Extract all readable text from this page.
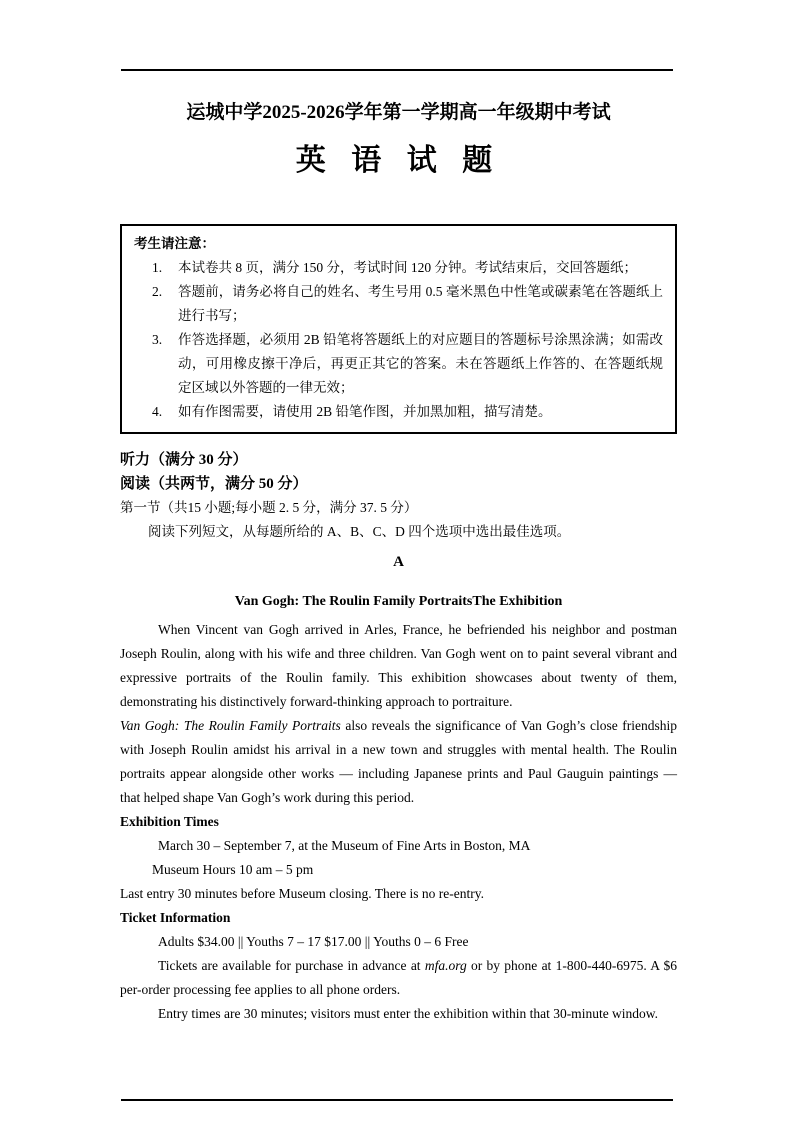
运城中学2025-2026学年第一学期高一年级期中考试
英 语 试 题
考生请注意：
1.	本试卷共 8 页，满分 150 分，考试时间 120 分钟。考试结束后，交回答题纸；
2.	答题前，请务必将自己的姓名、考生号用 0.5 毫米黑色中性笔或碳素笔在答题纸上进行书写；
3.	作答选择题，必须用 2B 铅笔将答题纸上的对应题目的答题标号涂黑涂满；如需改动，可用橡皮擦干净后，再更正其它的答案。未在答题纸上作答的、在答题纸规定区域以外答题的一律无效；
4.	如有作图需要，请使用 2B 铅笔作图，并加黑加粗，描写清楚。

听力（满分 30 分）

阅读（共两节，满分 50 分）

第一节（共15 小题;每小题 2. 5 分，满分 37. 5 分）

阅读下列短文，从每题所给的 A、B、C、D 四个选项中选出最佳选项。

A

Van Gogh: The Roulin Family PortraitsThe Exhibition

When Vincent van Gogh arrived in Arles, France, he befriended his neighbor and postman Joseph Roulin, along with his wife and three children. Van Gogh went on to paint several vibrant and expressive portraits of the Roulin family. This exhibition showcases about twenty of them, demonstrating his distinctively forward-thinking approach to portraiture.

Van Gogh: The Roulin Family Portraits also reveals the significance of Van Gogh’s close friendship with Joseph Roulin amidst his arrival in a new town and struggles with mental health. The Roulin portraits appear alongside other works — including Japanese prints and Paul Gauguin paintings — that helped shape Van Gogh’s work during this period.

Exhibition Times

March 30 – September 7, at the Museum of Fine Arts in Boston, MA

Museum Hours 10 am – 5 pm

Last entry 30 minutes before Museum closing. There is no re-entry.

Ticket Information

Adults $34.00 || Youths 7 – 17 $17.00 || Youths 0 – 6 Free

Tickets are available for purchase in advance at mfa.org or by phone at 1-800-440-6975. A $6 per-order processing fee applies to all phone orders.

Entry times are 30 minutes; visitors must enter the exhibition within that 30-minute window.
